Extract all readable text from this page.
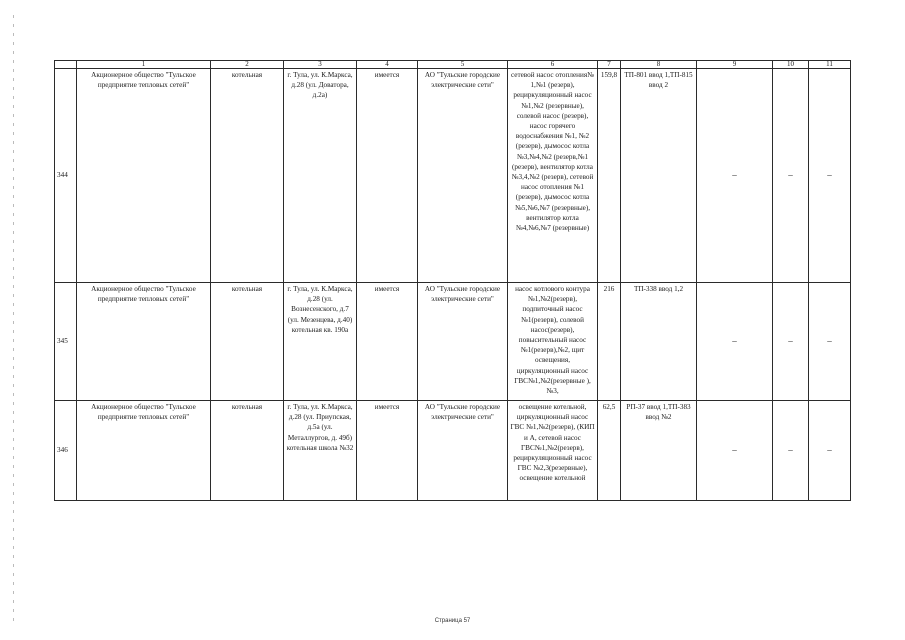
	1	2	3	4	5	6	7	8	9	10	11
344	Акционерное общество "Тульское предприятие тепловых сетей"	котельная	г. Тула, ул. К.Маркса, д.28 (ул. Доватора, д.2а)	имеется	АО "Тульские городские электрические сети"	сетевой насос отопления№ 1,№1 (резерв), рециркуляционный насос №1,№2 (резервные), солевой насос (резерв), насос горячего водоснабжения №1, №2 (резерв), дымосос котла №3,№4,№2 (резерв,№1 (резерв), вентилятор котла №3,4,№2 (резерв), сетевой насос отопления №1 (резерв), дымосос котла №5,№6,№7 (резервные), вентилятор котла №4,№6,№7 (резервные)	159,8	ТП-801 ввод 1,ТП-815 ввод 2	–	–	–
345	Акционерное общество "Тульское предприятие тепловых сетей"	котельная	г. Тула, ул. К.Маркса, д.28 (ул. Вознесенского, д.7 (ул. Мезенцева, д.40) котельная кв. 190а	имеется	АО "Тульские городские электрические сети"	насос котлового контура №1,№2(резерв), подпиточный насос №1(резерв), солевой насос(резерв), повысительный насос №1(резерв),№2, щит освещения, циркуляционный насос ГВС№1,№2(резервные ),№3,	216	ТП-338 ввод 1,2	–	–	–
346	Акционерное общество "Тульское предприятие тепловых сетей"	котельная	г. Тула, ул. К.Маркса, д.28 (ул. Приупская, д.5а (ул. Металлургов, д. 49б) котельная школа №32	имеется	АО "Тульские городские электрические сети"	освещение котельной, циркуляционный насос ГВС №1,№2(резерв), (КИП и А, сетевой насос ГВС№1,№2(резерв), рециркуляционный насос ГВС №2,3(резервные), освещение котельной	62,5	РП-37 ввод 1,ТП-383 ввод №2	–	–	–
Страница 57
